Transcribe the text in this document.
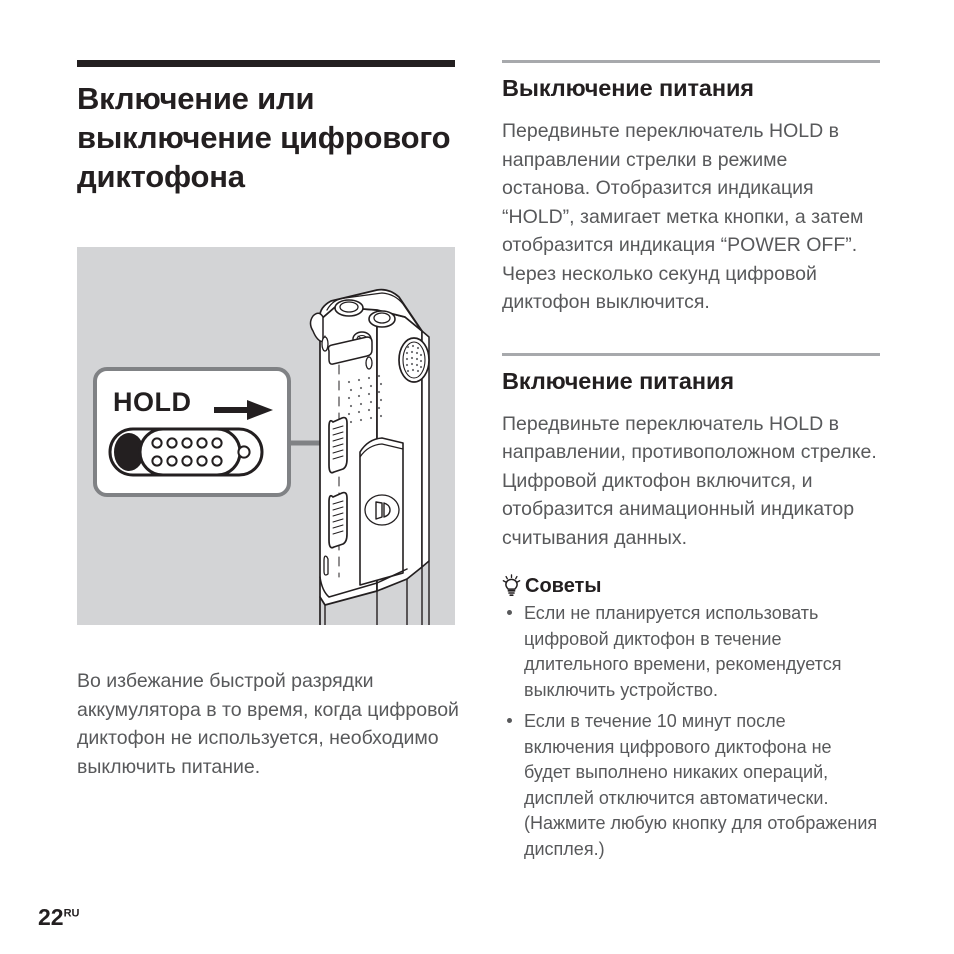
Включение или выключение цифрового диктофона
HOLD

Во избежание быстрой разрядки аккумулятора в то время, когда цифровой диктофон не используется, необходимо выключить питание.

Выключение питания

Передвиньте переключатель HOLD в направлении стрелки в режиме останова. Отобразится индикация “HOLD”, замигает метка кнопки, а затем отобразится индикация “POWER OFF”. Через несколько секунд цифровой диктофон выключится.

Включение питания

Передвиньте переключатель HOLD в направлении, противоположном стрелке. Цифровой диктофон включится, и отобразится анимационный индикатор считывания данных.

Советы
Если не планируется использовать цифровой диктофон в течение длительного времени, рекомендуется выключить устройство.
Если в течение 10 минут после включения цифрового диктофона не будет выполнено никаких операций, дисплей отключится автоматически. (Нажмите любую кнопку для отображения дисплея.)
$22^{RU}$
